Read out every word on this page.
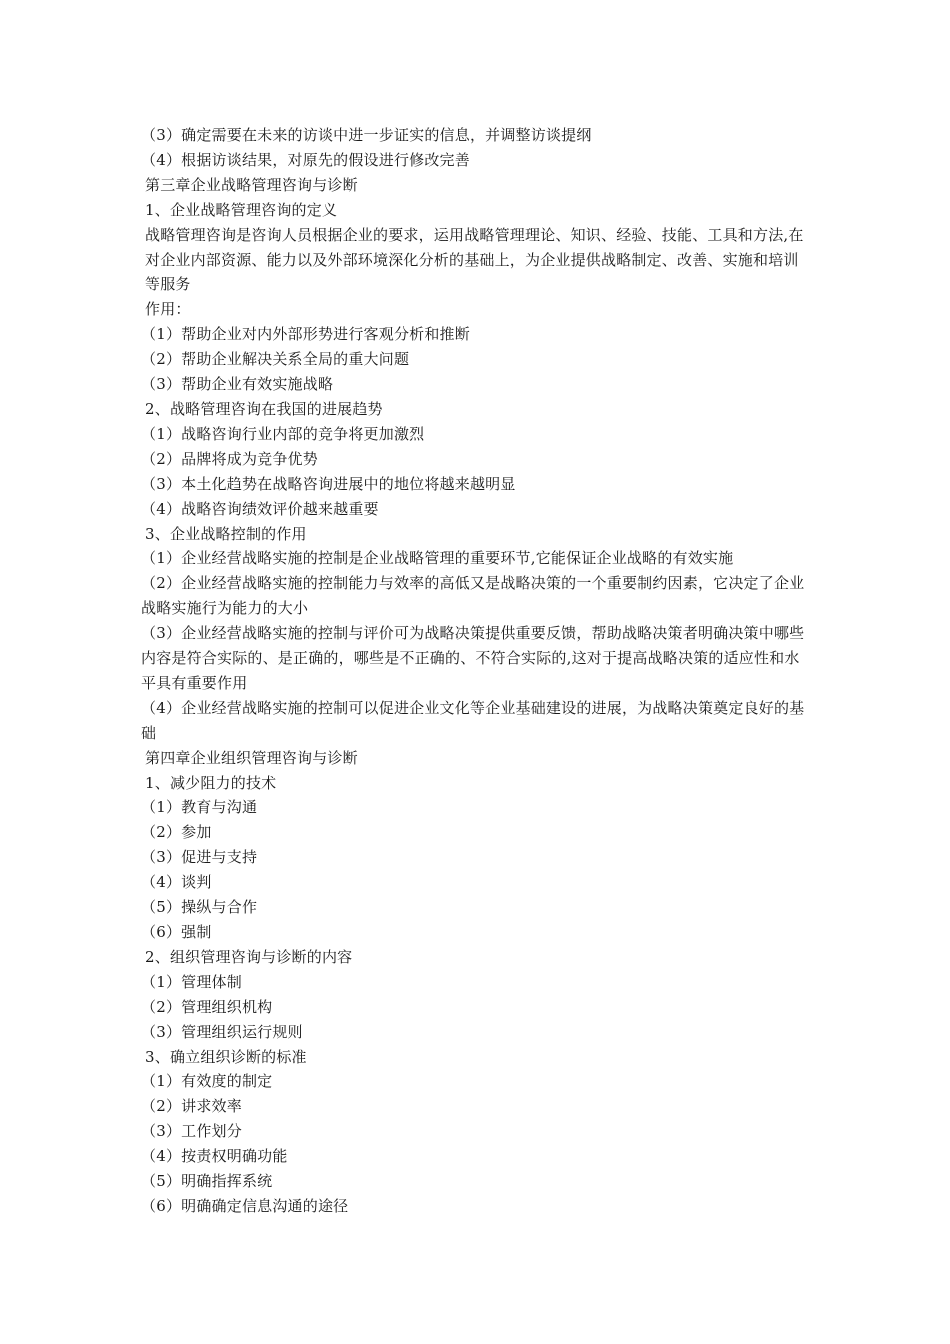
（3）确定需要在未来的访谈中进一步证实的信息，并调整访谈提纲

（4）根据访谈结果，对原先的假设进行修改完善

第三章企业战略管理咨询与诊断

1、企业战略管理咨询的定义

战略管理咨询是咨询人员根据企业的要求，运用战略管理理论、知识、经验、技能、工具和方法,在对企业内部资源、能力以及外部环境深化分析的基础上，为企业提供战略制定、改善、实施和培训等服务

作用：

（1）帮助企业对内外部形势进行客观分析和推断

（2）帮助企业解决关系全局的重大问题

（3）帮助企业有效实施战略

2、战略管理咨询在我国的进展趋势

（1）战略咨询行业内部的竞争将更加激烈

（2）品牌将成为竞争优势

（3）本土化趋势在战略咨询进展中的地位将越来越明显

（4）战略咨询绩效评价越来越重要

3、企业战略控制的作用

（1）企业经营战略实施的控制是企业战略管理的重要环节,它能保证企业战略的有效实施

（2）企业经营战略实施的控制能力与效率的高低又是战略决策的一个重要制约因素，它决定了企业战略实施行为能力的大小

（3）企业经营战略实施的控制与评价可为战略决策提供重要反馈，帮助战略决策者明确决策中哪些内容是符合实际的、是正确的，哪些是不正确的、不符合实际的,这对于提高战略决策的适应性和水平具有重要作用

（4）企业经营战略实施的控制可以促进企业文化等企业基础建设的进展，为战略决策奠定良好的基础

第四章企业组织管理咨询与诊断

1、减少阻力的技术

（1）教育与沟通

（2）参加

（3）促进与支持

（4）谈判

（5）操纵与合作

（6）强制

2、组织管理咨询与诊断的内容

（1）管理体制

（2）管理组织机构

（3）管理组织运行规则

3、确立组织诊断的标准

（1）有效度的制定

（2）讲求效率

（3）工作划分

（4）按责权明确功能

（5）明确指挥系统

（6）明确确定信息沟通的途径
